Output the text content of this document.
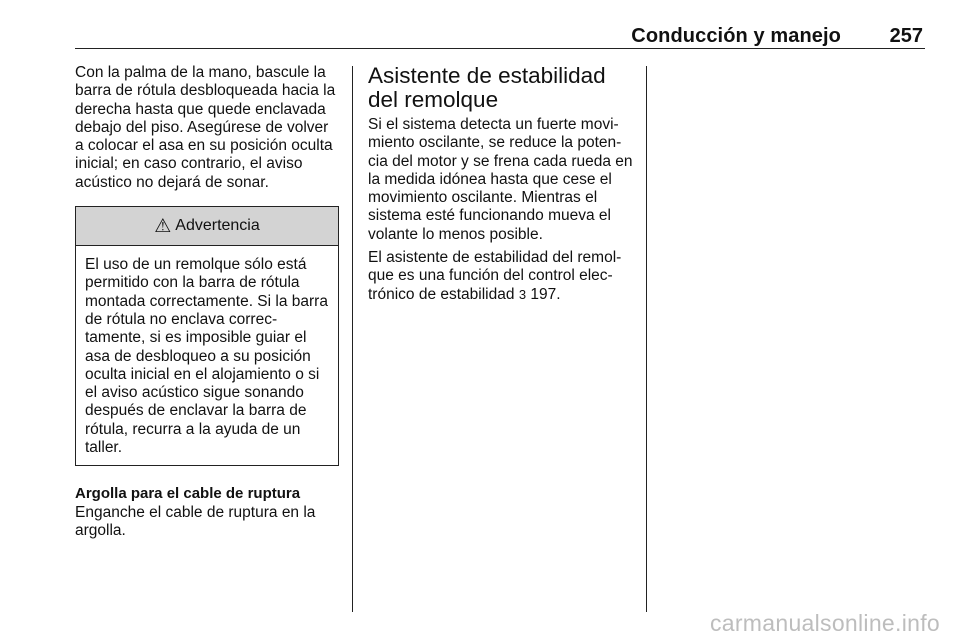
Conducción y manejo 257

Con la palma de la mano, bascule la barra de rótula desbloqueada hacia la derecha hasta que quede enclavada debajo del piso. Asegúrese de volver a colocar el asa en su posición oculta inicial; en caso contrario, el aviso acústico no dejará de sonar.

⚠ Advertencia
El uso de un remolque sólo está permitido con la barra de rótula montada correctamente. Si la barra de rótula no enclava correc-tamente, si es imposible guiar el asa de desbloqueo a su posición oculta inicial en el alojamiento o si el aviso acústico sigue sonando después de enclavar la barra de rótula, recurra a la ayuda de un taller.
Argolla para el cable de ruptura

Enganche el cable de ruptura en la argolla.

Asistente de estabilidad del remolque

Si el sistema detecta un fuerte movi-miento oscilante, se reduce la poten-cia del motor y se frena cada rueda en la medida idónea hasta que cese el movimiento oscilante. Mientras el sistema esté funcionando mueva el volante lo menos posible.

El asistente de estabilidad del remol-que es una función del control elec-trónico de estabilidad 3 197.

carmanualsonline.info
